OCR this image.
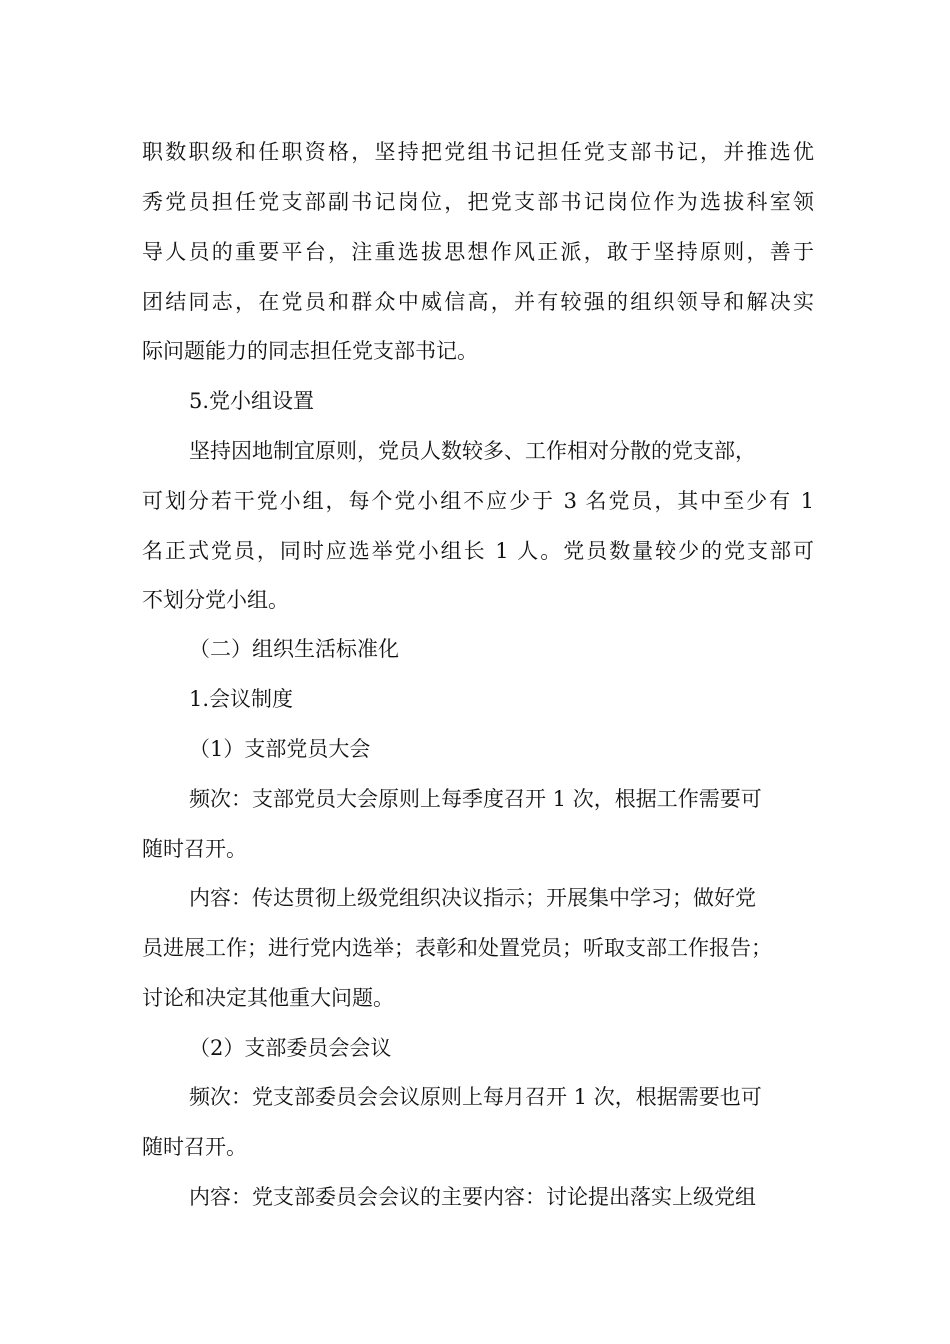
职数职级和任职资格，坚持把党组书记担任党支部书记，并推选优
秀党员担任党支部副书记岗位，把党支部书记岗位作为选拔科室领
导人员的重要平台，注重选拔思想作风正派，敢于坚持原则，善于
团结同志，在党员和群众中威信高，并有较强的组织领导和解决实
际问题能力的同志担任党支部书记。
5.党小组设置
坚持因地制宜原则，党员人数较多、工作相对分散的党支部，
可划分若干党小组，每个党小组不应少于 3 名党员，其中至少有 1
名正式党员，同时应选举党小组长 1 人。党员数量较少的党支部可
不划分党小组。
（二）组织生活标准化
1.会议制度
（1）支部党员大会
频次：支部党员大会原则上每季度召开 1 次，根据工作需要可
随时召开。
内容：传达贯彻上级党组织决议指示；开展集中学习；做好党
员进展工作；进行党内选举；表彰和处置党员；听取支部工作报告；
讨论和决定其他重大问题。
（2）支部委员会会议
频次：党支部委员会会议原则上每月召开 1 次，根据需要也可
随时召开。
内容：党支部委员会会议的主要内容：讨论提出落实上级党组
